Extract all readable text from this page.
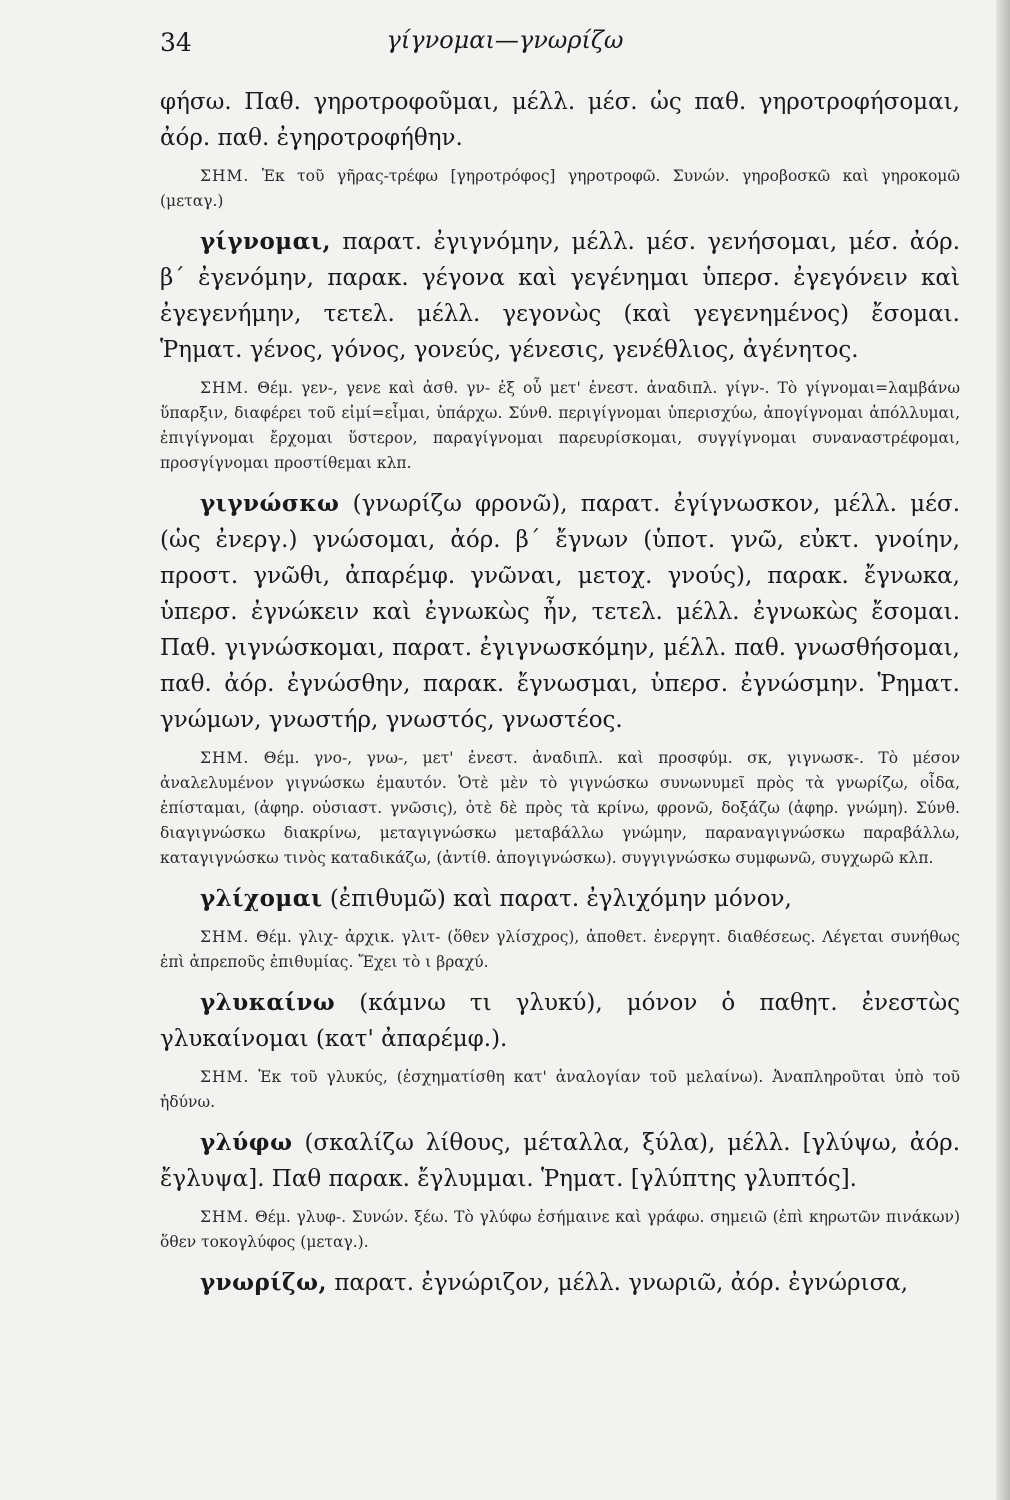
34	γίγνομαι—γνωρίζω

φήσω. Παθ. γηροτροφοῦμαι, μέλλ. μέσ. ὡς παθ. γηροτροφήσομαι, ἀόρ. παθ. ἐγηροτροφήθην.

ΣΗΜ. Ἐκ τοῦ γῆρας-τρέφω [γηροτρόφος] γηροτροφῶ. Συνών. γηροβοσκῶ καὶ γηροκομῶ (μεταγ.)

γίγνομαι, παρατ. ἐγιγνόμην, μέλλ. μέσ. γενήσομαι, μέσ. ἀόρ. β΄ ἐγενόμην, παρακ. γέγονα καὶ γεγένημαι ὑπερσ. ἐγεγόνειν καὶ ἐγεγενήμην, τετελ. μέλλ. γεγονὼς (καὶ γεγενημένος) ἔσομαι. Ῥηματ. γένος, γόνος, γονεύς, γένεσις, γενέθλιος, ἀγένητος.

ΣΗΜ. Θέμ. γεν-, γενε καὶ ἀσθ. γν- ἐξ οὗ μετ' ἐνεστ. ἀναδιπλ. γίγν-. Τὸ γίγνομαι=λαμβάνω ὕπαρξιν, διαφέρει τοῦ εἰμί=εἶμαι, ὑπάρχω. Σύνθ. περιγίγνομαι ὑπερισχύω, ἀπογίγνομαι ἀπόλλυμαι, ἐπιγίγνομαι ἔρχομαι ὕστερον, παραγίγνομαι παρευρίσκομαι, συγγίγνομαι συναναστρέφομαι, προσγίγνομαι προστίθεμαι κλπ.

γιγνώσκω (γνωρίζω φρονῶ), παρατ. ἐγίγνωσκον, μέλλ. μέσ. (ὡς ἐνεργ.) γνώσομαι, ἀόρ. β΄ ἔγνων (ὑποτ. γνῶ, εὐκτ. γνοίην, προστ. γνῶθι, ἀπαρέμφ. γνῶναι, μετοχ. γνούς), παρακ. ἔγνωκα, ὑπερσ. ἐγνώκειν καὶ ἐγνωκὼς ἦν, τετελ. μέλλ. ἐγνωκὼς ἔσομαι. Παθ. γιγνώσκομαι, παρατ. ἐγιγνωσκόμην, μέλλ. παθ. γνωσθήσομαι, παθ. ἀόρ. ἐγνώσθην, παρακ. ἔγνωσμαι, ὑπερσ. ἐγνώσμην. Ῥηματ. γνώμων, γνωστήρ, γνωστός, γνωστέος.

ΣΗΜ. Θέμ. γνο-, γνω-, μετ' ἐνεστ. ἀναδιπλ. καὶ προσφύμ. σκ, γιγνωσκ-. Τὸ μέσον ἀναλελυμένον γιγνώσκω ἐμαυτόν. Ὁτὲ μὲν τὸ γιγνώσκω συνωνυμεῖ πρὸς τὰ γνωρίζω, οἶδα, ἐπίσταμαι, (ἀφηρ. οὐσιαστ. γνῶσις), ὁτὲ δὲ πρὸς τὰ κρίνω, φρονῶ, δοξάζω (ἀφηρ. γνώμη). Σύνθ. διαγιγνώσκω διακρίνω, μεταγιγνώσκω μεταβάλλω γνώμην, παραναγιγνώσκω παραβάλλω, καταγιγνώσκω τινὸς καταδικάζω, (ἀντίθ. ἀπογιγνώσκω). συγγιγνώσκω συμφωνῶ, συγχωρῶ κλπ.

γλίχομαι (ἐπιθυμῶ) καὶ παρατ. ἐγλιχόμην μόνον,

ΣΗΜ. Θέμ. γλιχ- ἀρχικ. γλιτ- (ὅθεν γλίσχρος), ἀποθετ. ἐνεργητ. διαθέσεως. Λέγεται συνήθως ἐπὶ ἀπρεποῦς ἐπιθυμίας. Ἔχει τὸ ι βραχύ.

γλυκαίνω (κάμνω τι γλυκύ), μόνον ὁ παθητ. ἐνεστὼς γλυκαίνομαι (κατ' ἀπαρέμφ.).

ΣΗΜ. Ἐκ τοῦ γλυκύς, (ἐσχηματίσθη κατ' ἀναλογίαν τοῦ μελαίνω). Ἀναπληροῦται ὑπὸ τοῦ ἡδύνω.

γλύφω (σκαλίζω λίθους, μέταλλα, ξύλα), μέλλ. [γλύψω, ἀόρ. ἔγλυψα]. Παθ παρακ. ἔγλυμμαι. Ῥηματ. [γλύπτης γλυπτός].

ΣΗΜ. Θέμ. γλυφ-. Συνών. ξέω. Τὸ γλύφω ἐσήμαινε καὶ γράφω. σημειῶ (ἐπὶ κηρωτῶν πινάκων) ὅθεν τοκογλύφος (μεταγ.).

γνωρίζω, παρατ. ἐγνώριζον, μέλλ. γνωριῶ, ἀόρ. ἐγνώρισα,
